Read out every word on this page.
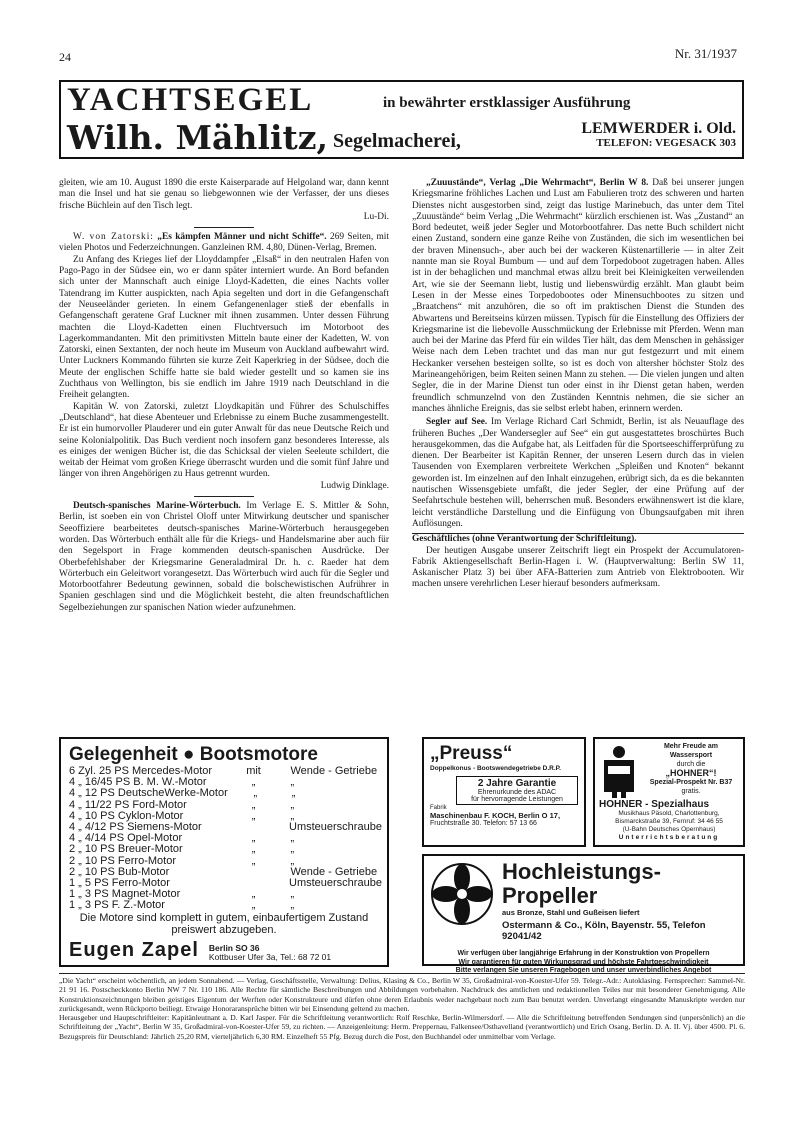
24	Nr. 31/1937
YACHTSEGEL	in bewährter erstklassiger Ausführung
Wilh. Mählitz, Segelmacherei,
LEMWERDER i. Old.
TELEFON: VEGESACK 303

gleiten, wie am 10. August 1890 die erste Kaiserparade auf Helgoland war, dann kennt man die Insel und hat sie genau so liebgewonnen wie der Verfasser, der uns dieses frische Büchlein auf den Tisch legt.

Lu-Di.

W. von Zatorski: „Es kämpfen Männer und nicht Schiffe“. 269 Seiten, mit vielen Photos und Federzeichnungen. Ganzleinen RM. 4,80, Dünen-Verlag, Bremen.

Zu Anfang des Krieges lief der Lloyddampfer „Elsaß“ in den neutralen Hafen von Pago-Pago in der Südsee ein, wo er dann später interniert wurde. An Bord befanden sich unter der Mannschaft auch einige Lloyd-Kadetten, die eines Nachts voller Tatendrang im Kutter auspickten, nach Apia segelten und dort in die Gefangenschaft der Neuseeländer gerieten. In einem Gefangenenlager stieß der ebenfalls in Gefangenschaft geratene Graf Luckner mit ihnen zusammen. Unter dessen Führung machten die Lloyd-Kadetten einen Fluchtversuch im Motorboot des Lagerkommandanten. Mit den primitivsten Mitteln baute einer der Kadetten, W. von Zatorski, einen Sextanten, der noch heute im Museum von Auckland aufbewahrt wird. Unter Luckners Kommando führten sie kurze Zeit Kaperkrieg in der Südsee, doch die Meute der englischen Schiffe hatte sie bald wieder gestellt und so kamen sie ins Zuchthaus von Wellington, bis sie endlich im Jahre 1919 nach Deutschland in die Freiheit gelangten.

Kapitän W. von Zatorski, zuletzt Lloydkapitän und Führer des Schulschiffes „Deutschland“, hat diese Abenteuer und Erlebnisse zu einem Buche zusammengestellt. Er ist ein humorvoller Plauderer und ein guter Anwalt für das neue Deutsche Reich und seine Kolonialpolitik. Das Buch verdient noch insofern ganz besonderes Interesse, als es einiges der wenigen Bücher ist, die das Schicksal der vielen Seeleute schildert, die weitab der Heimat vom großen Kriege überrascht wurden und die somit fünf Jahre und länger von ihren Angehörigen zu Haus getrennt wurden.

Ludwig Dinklage.

Deutsch-spanisches Marine-Wörterbuch. Im Verlage E. S. Mittler & Sohn, Berlin, ist soeben ein von Christel Oloff unter Mitwirkung deutscher und spanischer Seeoffiziere bearbeitetes deutsch-spanisches Marine-Wörterbuch herausgegeben worden. Das Wörterbuch enthält alle für die Kriegs- und Handelsmarine aber auch für den Segelsport in Frage kommenden deutsch-spanischen Ausdrücke. Der Oberbefehlshaber der Kriegsmarine Generaladmiral Dr. h. c. Raeder hat dem Wörterbuch ein Geleitwort vorangesetzt. Das Wörterbuch wird auch für die Segler und Motorbootfahrer Bedeutung gewinnen, sobald die bolschewistischen Aufrührer in Spanien geschlagen sind und die Möglichkeit besteht, die alten freundschaftlichen Segelbeziehungen zur spanischen Nation wieder aufzunehmen.

„Zuuustände“, Verlag „Die Wehrmacht“, Berlin W 8. Daß bei unserer jungen Kriegsmarine fröhliches Lachen und Lust am Fabulieren trotz des schweren und harten Dienstes nicht ausgestorben sind, zeigt das lustige Marinebuch, das unter dem Titel „Zuuustände“ beim Verlag „Die Wehrmacht“ kürzlich erschienen ist. Was „Zustand“ an Bord bedeutet, weiß jeder Segler und Motorbootfahrer. Das nette Buch schildert nicht einen Zustand, sondern eine ganze Reihe von Zuständen, die sich im wesentlichen bei der braven Minensuch-, aber auch bei der wackeren Küstenartillerie — in alter Zeit nannte man sie Royal Bumbum — und auf dem Torpedoboot zugetragen haben. Alles ist in der behaglichen und manchmal etwas allzu breit bei Kleinigkeiten verweilenden Art, wie sie der Seemann liebt, lustig und liebenswürdig erzählt. Man glaubt beim Lesen in der Messe eines Torpedobootes oder Minensuchbootes zu sitzen und „Braatchens“ mit anzuhören, die so oft im praktischen Dienst die Stunden des Abwartens und Bereitseins kürzen müssen. Typisch für die Einstellung des Offiziers der Kriegsmarine ist die liebevolle Ausschmückung der Erlebnisse mit Pferden. Wenn man auch bei der Marine das Pferd für ein wildes Tier hält, das dem Menschen in gehässiger Weise nach dem Leben trachtet und das man nur gut festgezurrt und mit einem Heckanker versehen besteigen sollte, so ist es doch von altersher höchster Stolz des Marineangehörigen, beim Reiten seinen Mann zu stehen. — Die vielen jungen und alten Segler, die in der Marine Dienst tun oder einst in ihr Dienst getan haben, werden freundlich schmunzelnd von den Zuständen Kenntnis nehmen, die sie sicher an manches ähnliche Ereignis, das sie selbst erlebt haben, erinnern werden.

Segler auf See. Im Verlage Richard Carl Schmidt, Berlin, ist als Neuauflage des früheren Buches „Der Wandersegler auf See“ ein gut ausgestattetes broschürtes Buch herausgekommen, das die Aufgabe hat, als Leitfaden für die Sportseeschifferprüfung zu dienen. Der Bearbeiter ist Kapitän Renner, der unseren Lesern durch das in vielen Tausenden von Exemplaren verbreitete Werkchen „Spleißen und Knoten“ bekannt geworden ist. Im einzelnen auf den Inhalt einzugehen, erübrigt sich, da es die bekannten nautischen Wissensgebiete umfaßt, die jeder Segler, der eine Prüfung auf der Seefahrtschule bestehen will, beherrschen muß. Besonders erwähnenswert ist die klare, leicht verständliche Darstellung und die Einfügung von Übungsaufgaben mit ihren Auflösungen.

Geschäftliches (ohne Verantwortung der Schriftleitung).

Der heutigen Ausgabe unserer Zeitschrift liegt ein Prospekt der Accumulatoren-Fabrik Aktiengesellschaft Berlin-Hagen i. W. (Hauptverwaltung: Berlin SW 11, Askanischer Platz 3) bei über AFA-Batterien zum Antrieb von Elektrobooten. Wir machen unsere verehrlichen Leser hierauf besonders aufmerksam.

Gelegenheit ● Bootsmotore
6 Zyl. 25 PS Mercedes-Motor	mit	Wende - Getriebe
4 „ 16/45 PS B. M. W.-Motor	„	„
4 „ 12 PS DeutscheWerke-Motor	„	„
4 „ 11/22 PS Ford-Motor	„	„
4 „ 10 PS Cyklon-Motor	„	„
4 „ 4/12 PS Siemens-Motor	Umsteuerschraube
4 „ 4/14 PS Opel-Motor	„	„
2 „ 10 PS Breuer-Motor	„	„
2 „ 10 PS Ferro-Motor	„	„
2 „ 10 PS Bub-Motor	Wende - Getriebe
1 „ 5 PS Ferro-Motor	Umsteuerschraube
1 „ 3 PS Magnet-Motor	„	„
1 „ 3 PS F. Z.-Motor	„	„
Die Motore sind komplett in gutem, einbaufertigem Zustand preiswert abzugeben.
Eugen Zapel Berlin SO 36
Kottbuser Ufer 3a, Tel.: 68 72 01
„Preuss“
Doppelkonus - Bootswendegetriebe D.R.P.
2 Jahre Garantie
Ehrenurkunde des ADAC
für hervorragende Leistungen
Fabrik
Maschinenbau F. KOCH, Berlin O 17,
Fruchtstraße 30. Telefon: 57 13 66
Mehr Freude am Wassersport
durch die
„HOHNER“!
Spezial-Prospekt Nr. B37
gratis.
HOHNER - Spezialhaus
Musikhaus Päsold, Charlottenburg,
Bismarckstraße 39, Fernruf: 34 46 55
(U-Bahn Deutsches Opernhaus)
Unterrichtsberatung
Hochleistungs-Propeller
aus Bronze, Stahl und Gußeisen liefert
Ostermann & Co., Köln, Bayenstr. 55, Telefon 92041/42
Wir verfügen über langjährige Erfahrung in der Konstruktion von Propellern
Wir garantieren für guten Wirkungsgrad und höchste Fahrtgeschwindigkeit
Bitte verlangen Sie unseren Fragebogen und unser unverbindliches Angebot

„Die Yacht“ erscheint wöchentlich, an jedem Sonnabend. — Verlag, Geschäftsstelle, Verwaltung: Delius, Klasing & Co., Berlin W 35, Großadmiral-von-Koester-Ufer 59. Telegr.-Adr.: Autoklasing. Fernsprecher: Sammel-Nr. 21 91 16. Postscheckkonto Berlin NW 7 Nr. 110 186. Alle Rechte für sämtliche Beschreibungen und Abbildungen vorbehalten. Nachdruck des amtlichen und redaktionellen Teiles nur mit besonderer Genehmigung. Alle Konstruktionszeichnungen bleiben geistiges Eigentum der Werften oder Konstrukteure und dürfen ohne deren Erlaubnis weder nachgebaut noch zum Bau benutzt werden. Unverlangt eingesandte Manuskripte werden nur zurückgesandt, wenn Rückporto beiliegt. Etwaige Honoraransprüche bitten wir bei Einsendung geltend zu machen.

Herausgeber und Hauptschriftleiter: Kapitänleutnant a. D. Karl Jasper. Für die Schriftleitung verantwortlich: Rolf Reschke, Berlin-Wilmersdorf. — Alle die Schriftleitung betreffenden Sendungen sind (unpersönlich) an die Schriftleitung der „Yacht“, Berlin W 35, Großadmiral-von-Koester-Ufer 59, zu richten. — Anzeigenleitung: Herm. Preppernau, Falkensee/Osthavelland (verantwortlich) und Erich Osang, Berlin. D. A. II. Vj. über 4500. Pl. 6. Bezugspreis für Deutschland: Jährlich 25,20 RM, vierteljährlich 6,30 RM. Einzelheft 55 Pfg. Bezug durch die Post, den Buchhandel oder unmittelbar vom Verlage.
